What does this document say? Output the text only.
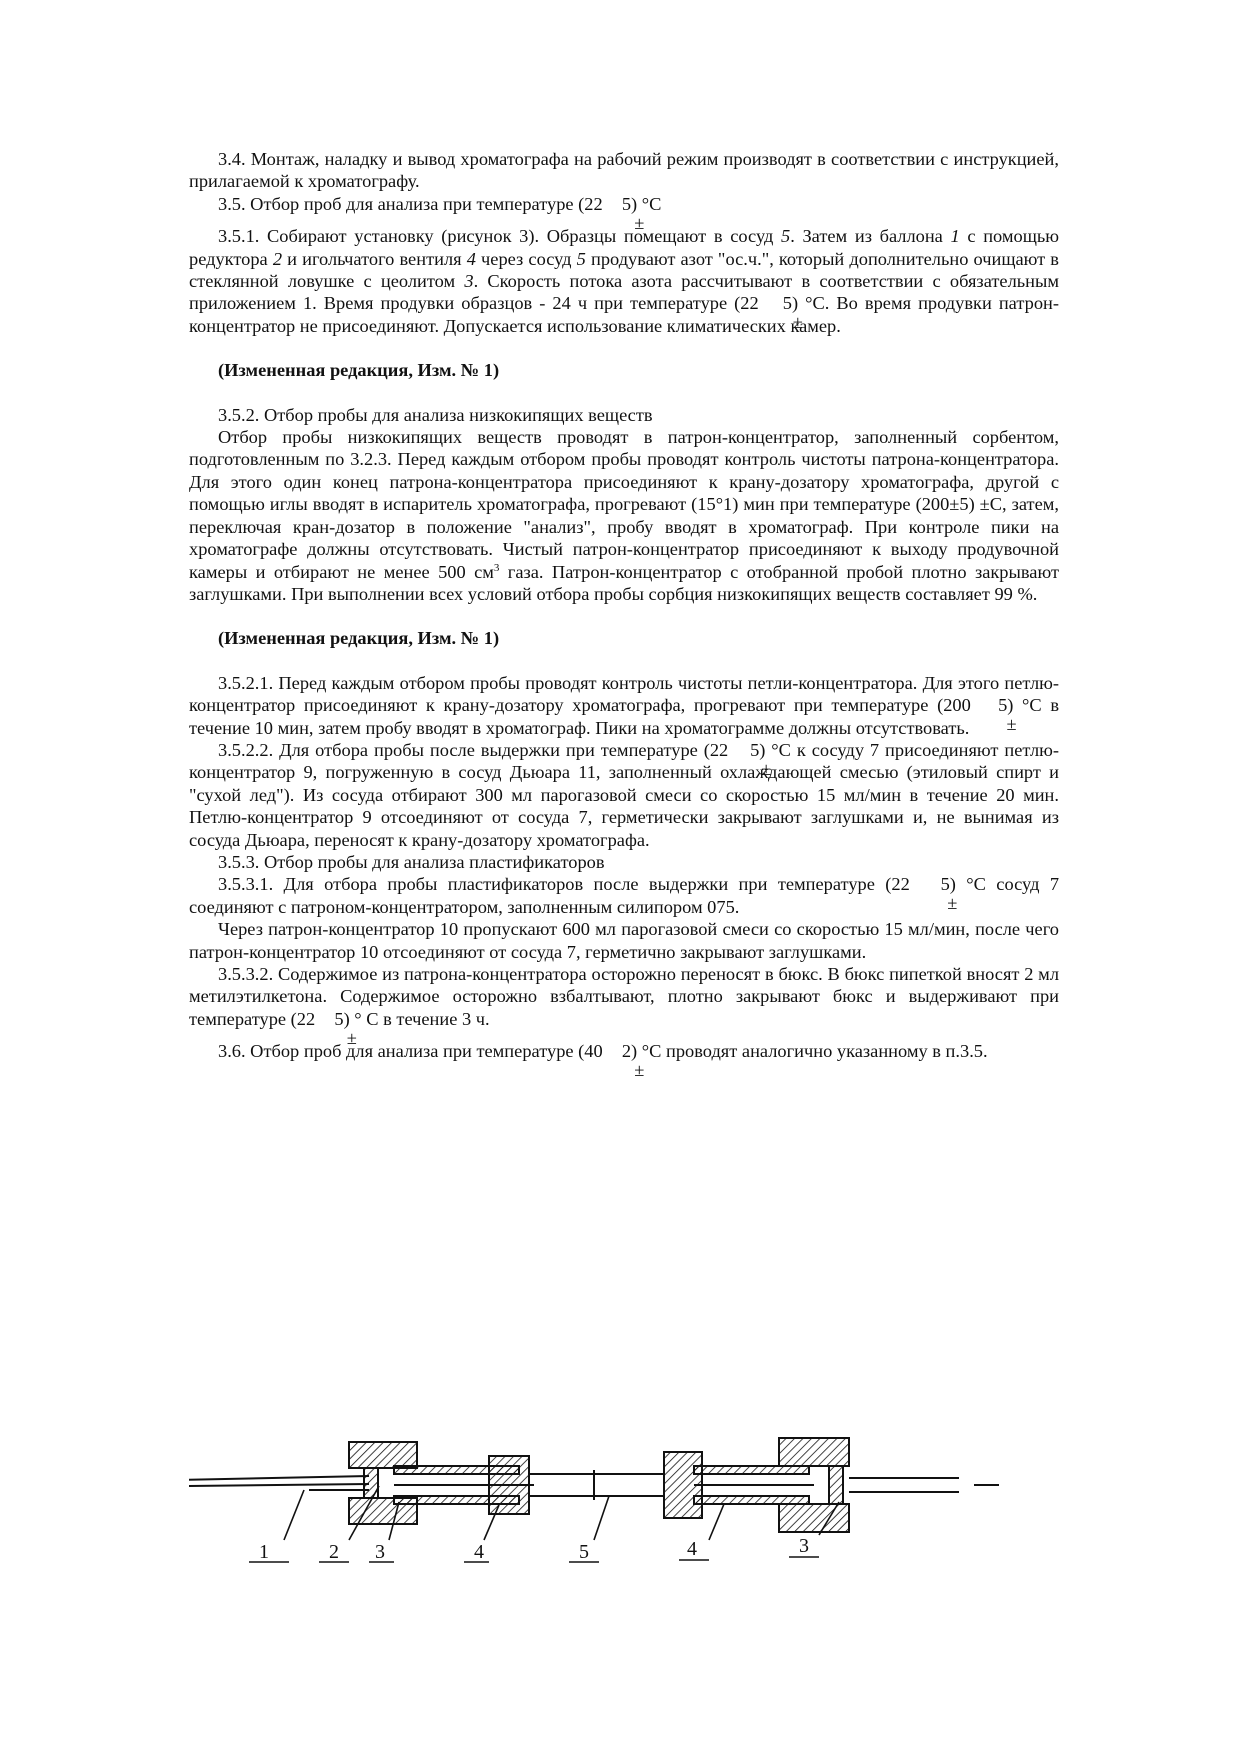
3.4. Монтаж, наладку и вывод хроматографа на рабочий режим производят в соответствии с инструкцией, прилагаемой к хроматографу.

3.5. Отбор проб для анализа при температуре (22 ± 5) °С

3.5.1. Собирают установку (рисунок 3). Образцы помещают в сосуд 5. Затем из баллона 1 с помощью редуктора 2 и игольчатого вентиля 4 через сосуд 5 продувают азот "ос.ч.", который дополнительно очищают в стеклянной ловушке с цеолитом 3. Скорость потока азота рассчитывают в соответствии с обязательным приложением 1. Время продувки образцов - 24 ч при температуре (22 ± 5) °С. Во время продувки патрон-концентратор не присоединяют. Допускается использование климатических камер.

(Измененная редакция, Изм. № 1)

3.5.2. Отбор пробы для анализа низкокипящих веществ

Отбор пробы низкокипящих веществ проводят в патрон-концентратор, заполненный сорбентом, подготовленным по 3.2.3. Перед каждым отбором пробы проводят контроль чистоты патрона-концентратора. Для этого один конец патрона-концентратора присоединяют к крану-дозатору хроматографа, другой с помощью иглы вводят в испаритель хроматографа, прогревают (15°1) мин при температуре (200±5) ±С, затем, переключая кран-дозатор в положение "анализ", пробу вводят в хроматограф. При контроле пики на хроматографе должны отсутствовать. Чистый патрон-концентратор присоединяют к выходу продувочной камеры и отбирают не менее 500 $см^3$ газа. Патрон-концентратор с отобранной пробой плотно закрывают заглушками. При выполнении всех условий отбора пробы сорбция низкокипящих веществ составляет 99 %.

(Измененная редакция, Изм. № 1)

3.5.2.1. Перед каждым отбором пробы проводят контроль чистоты петли-концентратора. Для этого петлю-концентратор присоединяют к крану-дозатору хроматографа, прогревают при температуре (200 ± 5) °С в течение 10 мин, затем пробу вводят в хроматограф. Пики на хроматограмме должны отсутствовать.

3.5.2.2. Для отбора пробы после выдержки при температуре (22 ± 5) °С к сосуду 7 присоединяют петлю-концентратор 9, погруженную в сосуд Дьюара 11, заполненный охлаждающей смесью (этиловый спирт и "сухой лед"). Из сосуда отбирают 300 мл парогазовой смеси со скоростью 15 мл/мин в течение 20 мин. Петлю-концентратор 9 отсоединяют от сосуда 7, герметически закрывают заглушками и, не вынимая из сосуда Дьюара, переносят к крану-дозатору хроматографа.

3.5.3. Отбор пробы для анализа пластификаторов

3.5.3.1. Для отбора пробы пластификаторов после выдержки при температуре (22 ± 5) °С сосуд 7 соединяют с патроном-концентратором, заполненным силипором 075.

Через патрон-концентратор 10 пропускают 600 мл парогазовой смеси со скоростью 15 мл/мин, после чего патрон-концентратор 10 отсоединяют от сосуда 7, герметично закрывают заглушками.

3.5.3.2. Содержимое из патрона-концентратора осторожно переносят в бюкс. В бюкс пипеткой вносят 2 мл метилэтилкетона. Содержимое осторожно взбалтывают, плотно закрывают бюкс и выдерживают при температуре (22 ± 5) ° С в течение 3 ч.

3.6. Отбор проб для анализа при температуре (40 ± 2) °С проводят аналогично указанному в п.3.5.

1	2 3	4	5	4	3
